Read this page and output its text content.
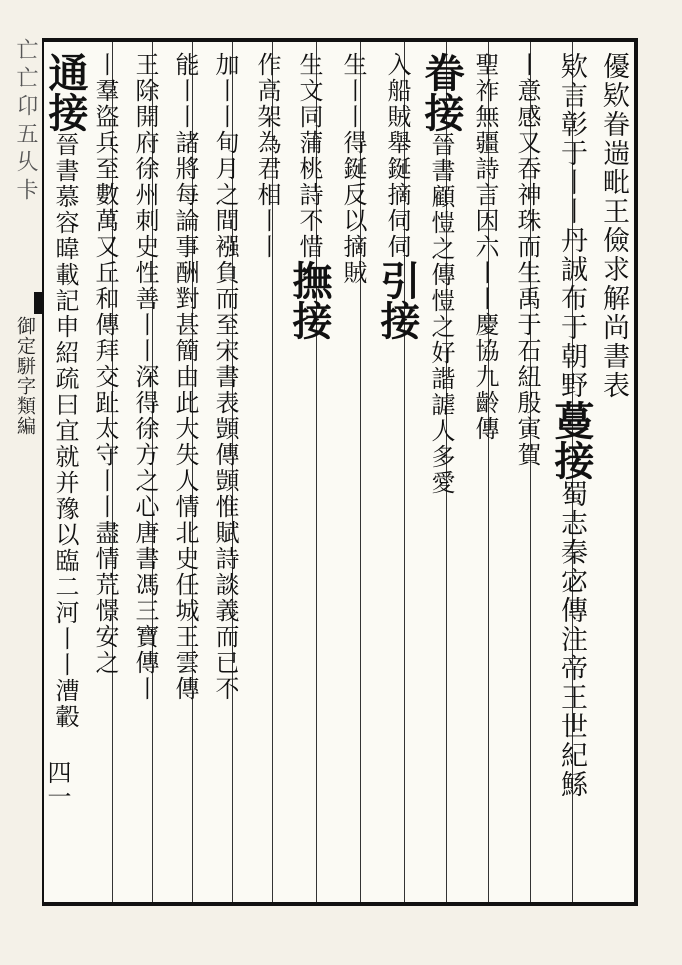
亡亡卬五乆卡
御定駢字類編	優欵眷遄毗王儉求解尚書表
欵言彰于丨丨丹誠布于朝野蔓接蜀志秦宓傳注帝王世紀鯀
丨意感又吞神珠而生禹于石紐殷寅賀
聖祚無疆詩言因六丨丨慶協九齡傳
眷接晉書顧愷之傳愷之好諧謔人多愛
入船賊舉鋋摘伺伺引接
生丨丨得鋋反以摘賊
生文同蒲桃詩不惜撫接
作高架為君相丨丨
加丨丨旬月之間襁負而至宋書表顗傳顗惟賦詩談義而已不
能丨丨諸將每論事酬對甚簡由此大失人情北史任城王雲傳
王除開府徐州刺史性善丨丨深得徐方之心唐書馮三寶傳丨
丨羣盜兵至數萬又丘和傳拜交趾太守丨丨盡情荒憬安之
通接晉書慕容暐載記申紹疏曰宜就并豫以臨二河丨丨漕轂
四一
